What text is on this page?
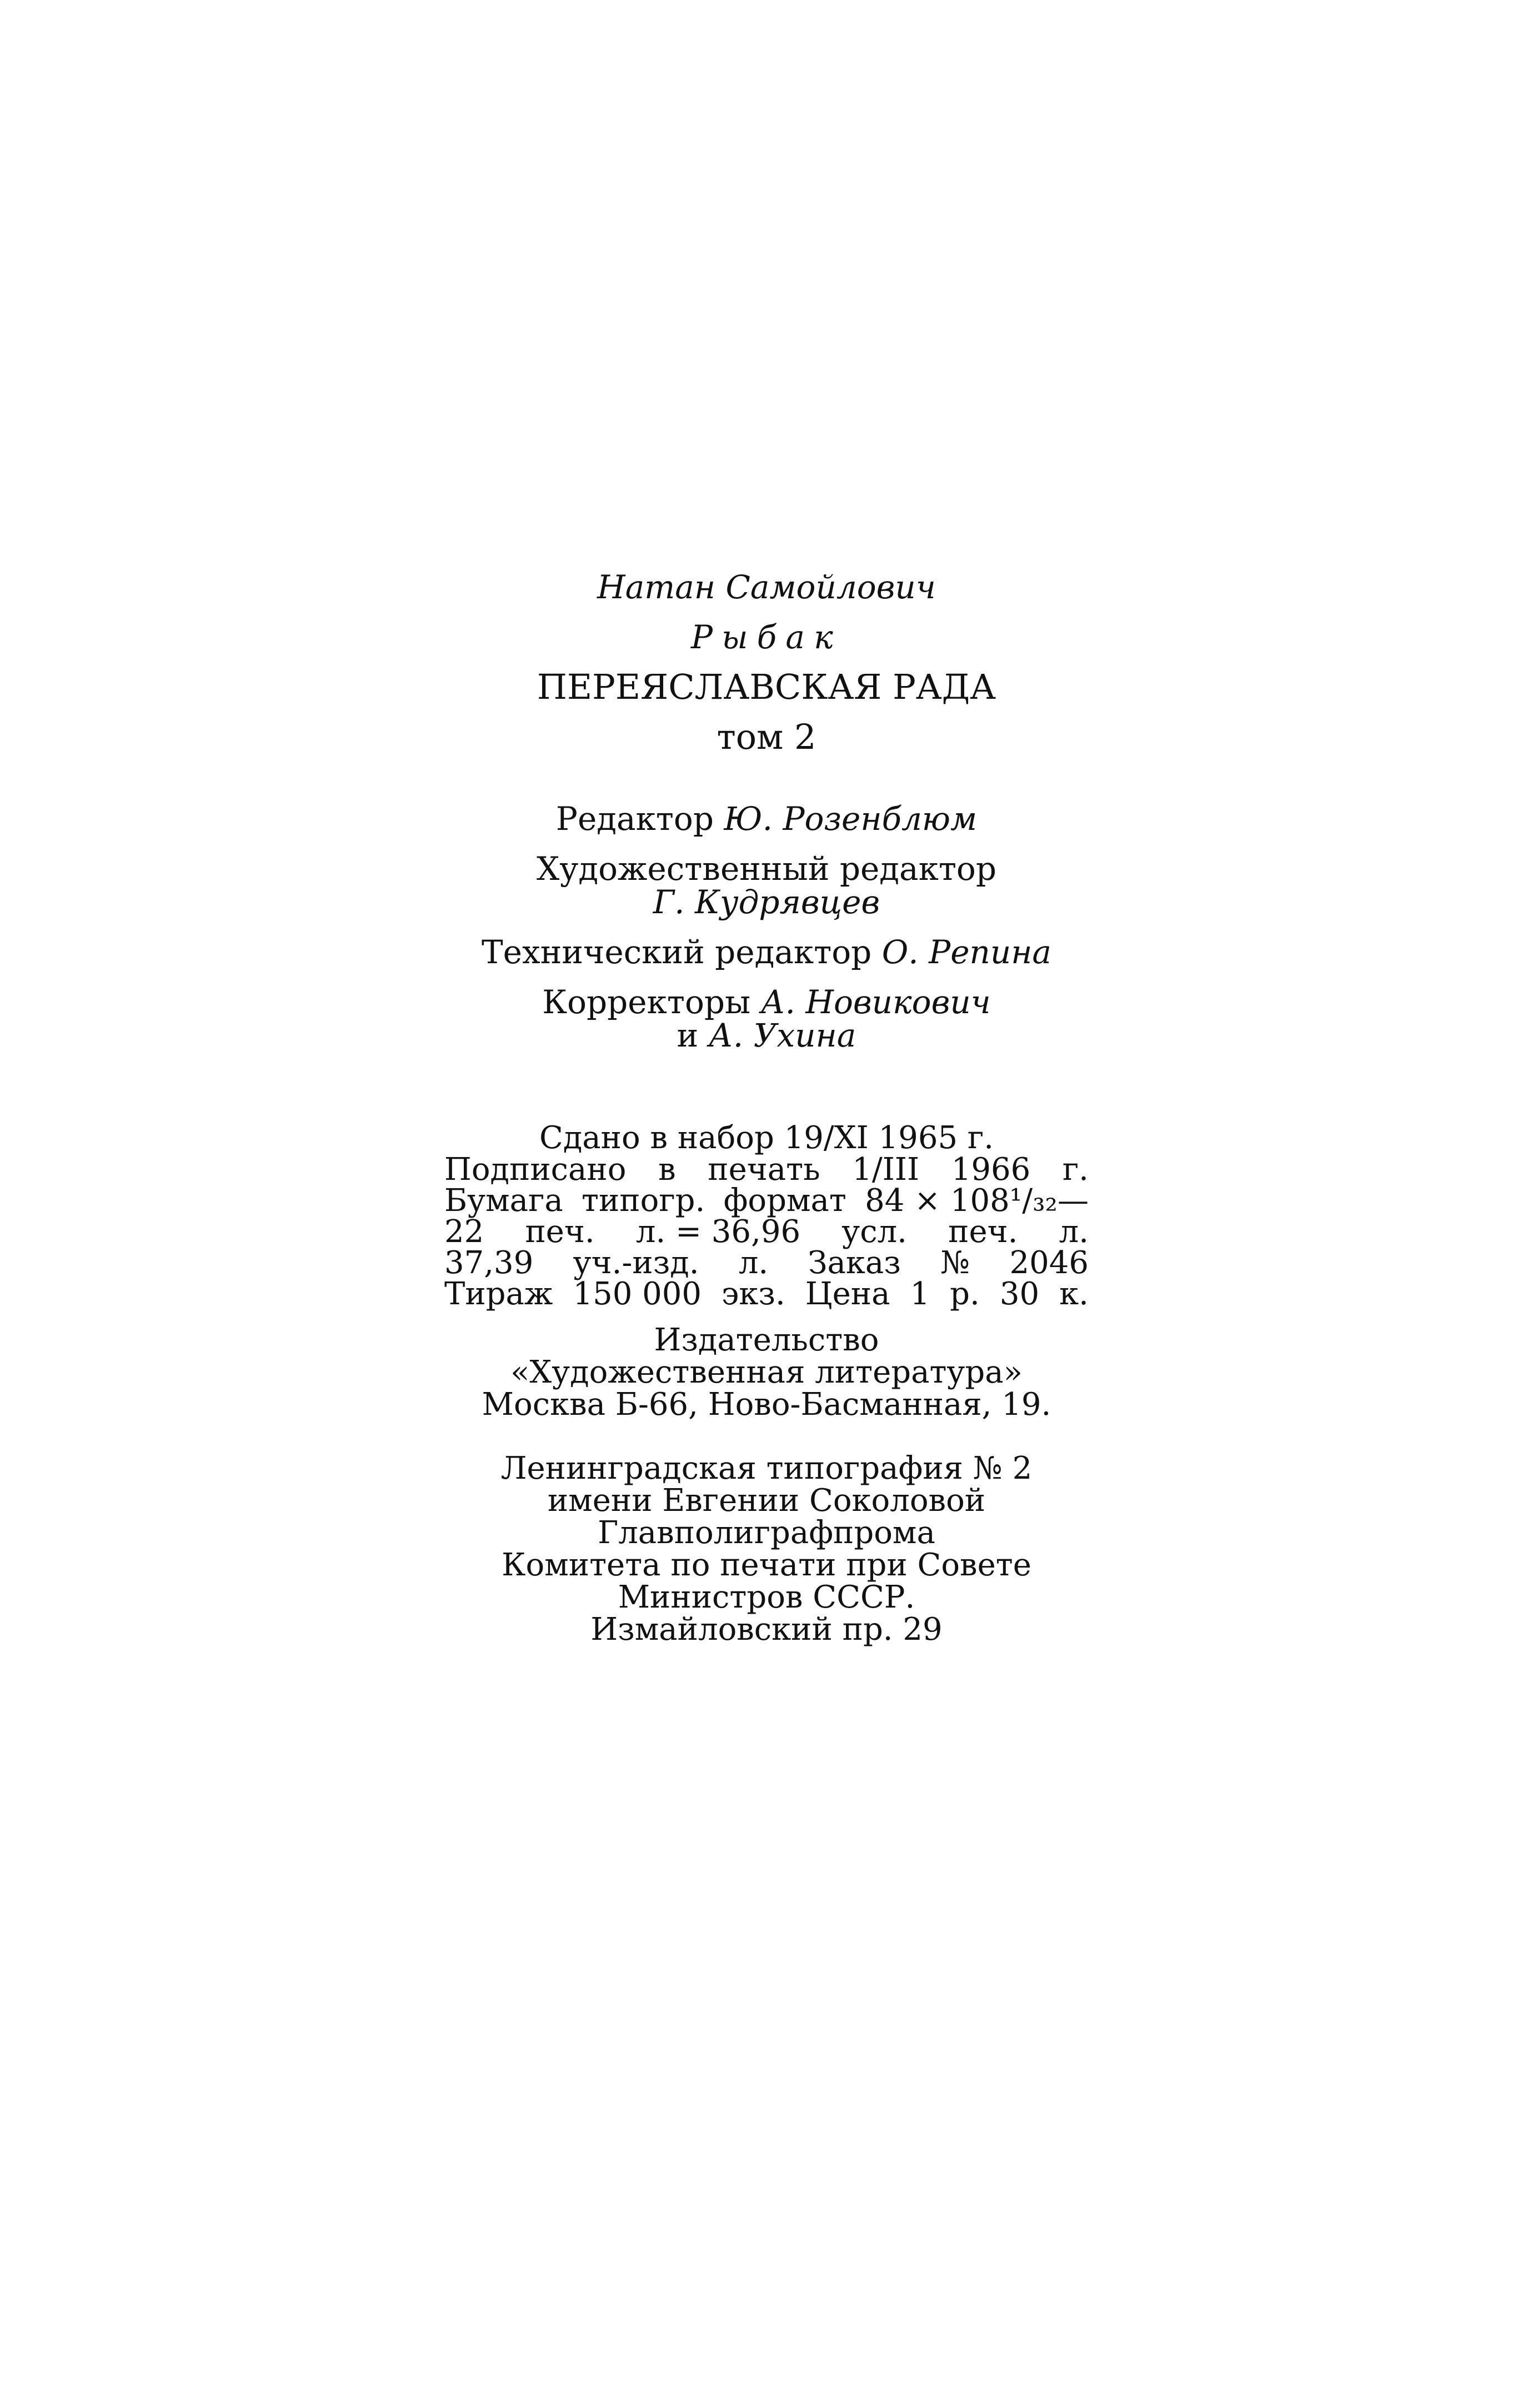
Натан Самойлович
Рыбак
ПЕРЕЯСЛАВСКАЯ РАДА
том 2
Редактор Ю. Розенблюм
Художественный редактор
Г. Кудрявцев
Технический редактор О. Репина
Корректоры А. Новикович
и А. Ухина
Сдано в набор 19/XI 1965 г.
Подписано в печать 1/III 1966 г.
Бумага типогр. формат 84 × 108¹/₃₂—
22 печ. л. = 36,96 усл. печ. л.
37,39 уч.-изд. л. Заказ № 2046
Тираж 150 000 экз. Цена 1 р. 30 к.
Издательство
«Художественная литература»
Москва Б-66, Ново-Басманная, 19.
Ленинградская типография № 2
имени Евгении Соколовой
Главполиграфпрома
Комитета по печати при Совете
Министров СССР.
Измайловский пр. 29
